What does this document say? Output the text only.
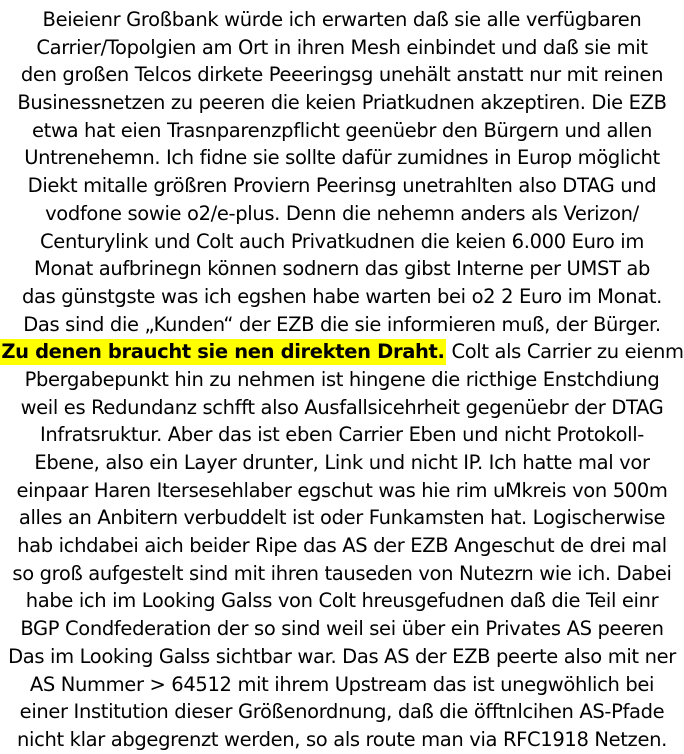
Beieienr Großbank würde ich erwarten daß sie alle verfügbaren
Carrier/Topolgien am Ort in ihren Mesh einbindet und daß sie mit
den großen Telcos dirkete Peeeringsg unehält anstatt nur mit reinen
Businessnetzen zu peeren die keien Priatkudnen akzeptiren. Die EZB
etwa hat eien Trasnparenzpflicht geenüebr den Bürgern und allen
Untrenehemn. Ich fidne sie sollte dafür zumidnes in Europ möglicht
Diekt mitalle größren Proviern Peerinsg unetrahlten also DTAG und
vodfone sowie o2/e-plus. Denn die nehemn anders als Verizon/
Centurylink und Colt auch Privatkudnen die keien 6.000 Euro im
Monat aufbrinegn können sodnern das gibst Interne per UMST ab
das günstgste was ich egshen habe warten bei o2 2 Euro im Monat.
Das sind die „Kunden“ der EZB die sie informieren muß, der Bürger.
Zu denen braucht sie nen direkten Draht. Colt als Carrier zu eienm
Pbergabepunkt hin zu nehmen ist hingene die ricthige Enstchdiung
weil es Redundanz schfft also Ausfallsicehrheit gegenüebr der DTAG
Infratsruktur. Aber das ist eben Carrier Eben und nicht Protokoll-
Ebene, also ein Layer drunter, Link und nicht IP. Ich hatte mal vor
einpaar Haren Itersesehlaber egschut was hie rim uMkreis von 500m
alles an Anbitern verbuddelt ist oder Funkamsten hat. Logischerwise
hab ichdabei aich beider Ripe das AS der EZB Angeschut de drei mal
so groß aufgestelt sind mit ihren tauseden von Nutezrn wie ich. Dabei
habe ich im Looking Galss von Colt hreusgefudnen daß die Teil einr
BGP Condfederation der so sind weil sei über ein Privates AS peeren
Das im Looking Galss sichtbar war. Das AS der EZB peerte also mit ner
AS Nummer > 64512 mit ihrem Upstream das ist unegwöhlich bei
einer Institution dieser Größenordnung, daß die öfftnlcihen AS-Pfade
nicht klar abgegrenzt werden, so als route man via RFC1918 Netzen.
